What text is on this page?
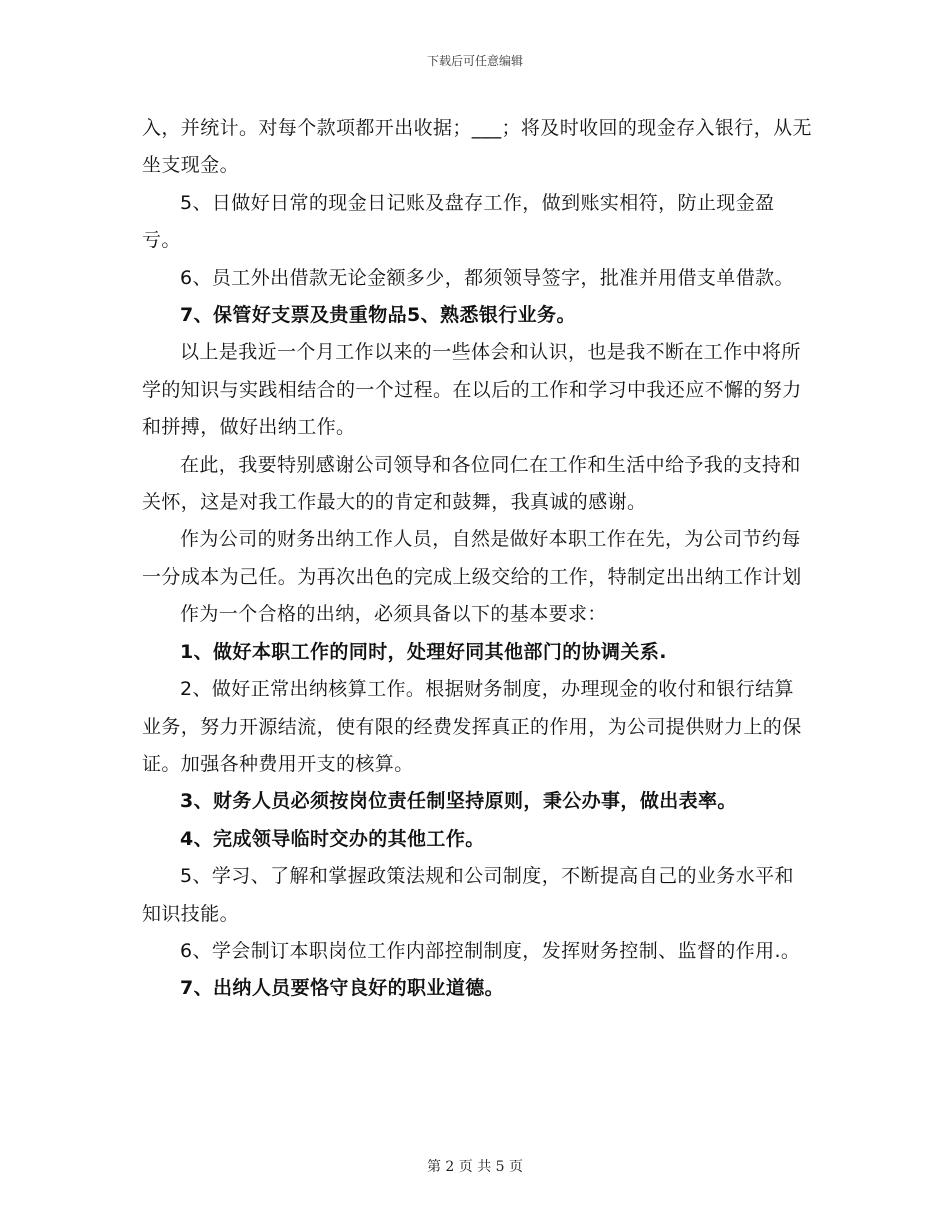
下载后可任意编辑

入，并统计。对每个款项都开出收据；___；将及时收回的现金存入银行，从无坐支现金。

5、日做好日常的现金日记账及盘存工作，做到账实相符，防止现金盈亏。

6、员工外出借款无论金额多少，都须领导签字，批准并用借支单借款。

7、保管好支票及贵重物品5、熟悉银行业务。

以上是我近一个月工作以来的一些体会和认识，也是我不断在工作中将所学的知识与实践相结合的一个过程。在以后的工作和学习中我还应不懈的努力和拼搏，做好出纳工作。

在此，我要特别感谢公司领导和各位同仁在工作和生活中给予我的支持和关怀，这是对我工作最大的的肯定和鼓舞，我真诚的感谢。

作为公司的财务出纳工作人员，自然是做好本职工作在先，为公司节约每一分成本为己任。为再次出色的完成上级交给的工作，特制定出出纳工作计划

作为一个合格的出纳，必须具备以下的基本要求：

1、做好本职工作的同时，处理好同其他部门的协调关系.

2、做好正常出纳核算工作。根据财务制度，办理现金的收付和银行结算业务，努力开源结流，使有限的经费发挥真正的作用，为公司提供财力上的保证。加强各种费用开支的核算。

3、财务人员必须按岗位责任制坚持原则，秉公办事，做出表率。

4、完成领导临时交办的其他工作。

5、学习、了解和掌握政策法规和公司制度，不断提高自己的业务水平和知识技能。

6、学会制订本职岗位工作内部控制制度，发挥财务控制、监督的作用.。

7、出纳人员要恪守良好的职业道德。

第 2 页 共 5 页
